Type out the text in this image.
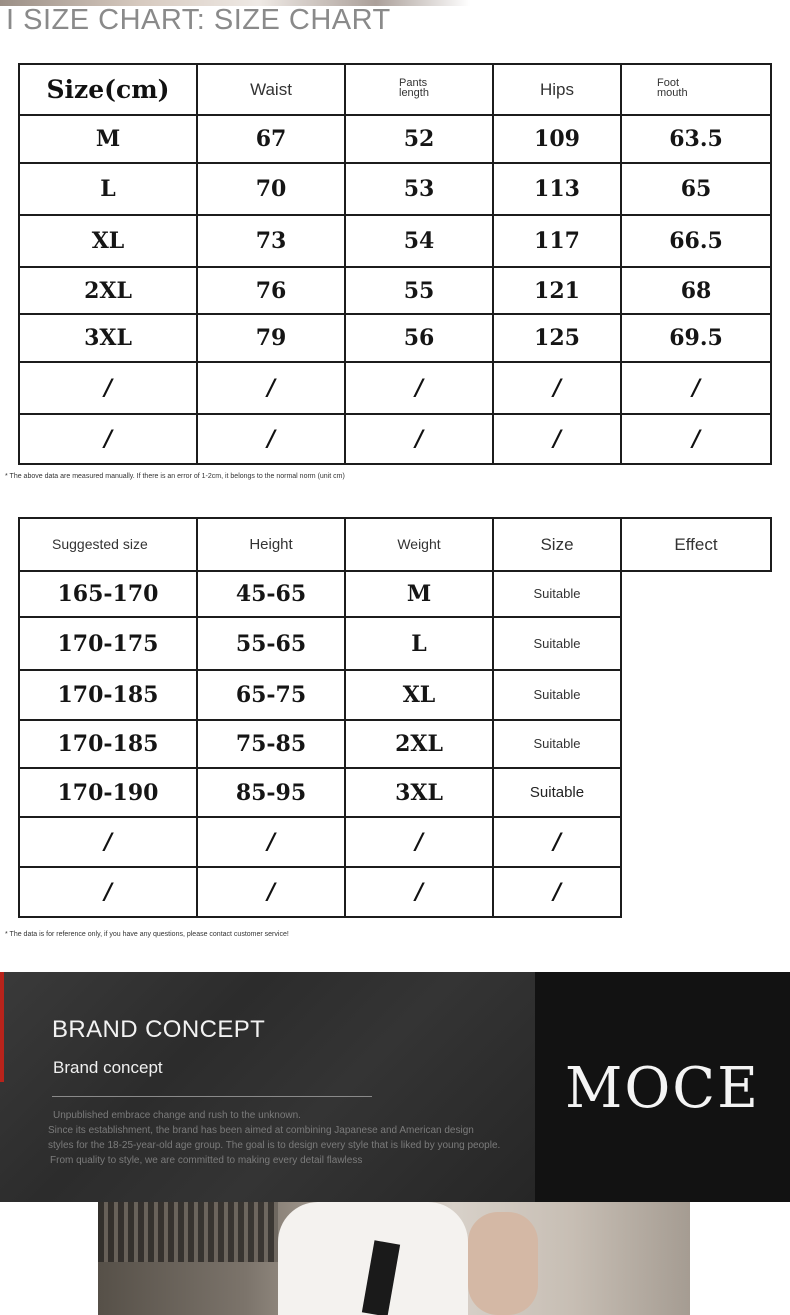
I SIZE CHART: SIZE CHART
Size(cm)	Waist	Pants length	Hips	Foot mouth
M	67	52	109	63.5
L	70	53	113	65
XL	73	54	117	66.5
2XL	76	55	121	68
3XL	79	56	125	69.5
/	/	/	/	/
/	/	/	/	/
* The above data are measured manually. If there is an error of 1-2cm, it belongs to the normal norm (unit cm)
Suggested size	Height	Weight	Size	Effect
165-170	45-65	M	Suitable	
170-175	55-65	L	Suitable	
170-185	65-75	XL	Suitable	
170-185	75-85	2XL	Suitable	
170-190	85-95	3XL	Suitable	
/	/	/	/	
/	/	/	/	
* The data is for reference only, if you have any questions, please contact customer service!
BRAND CONCEPT
Brand concept
Unpublished embrace change and rush to the unknown.
Since its establishment, the brand has been aimed at combining Japanese and American design
styles for the 18-25-year-old age group. The goal is to design every style that is liked by young people.
From quality to style, we are committed to making every detail flawless
MOCE
